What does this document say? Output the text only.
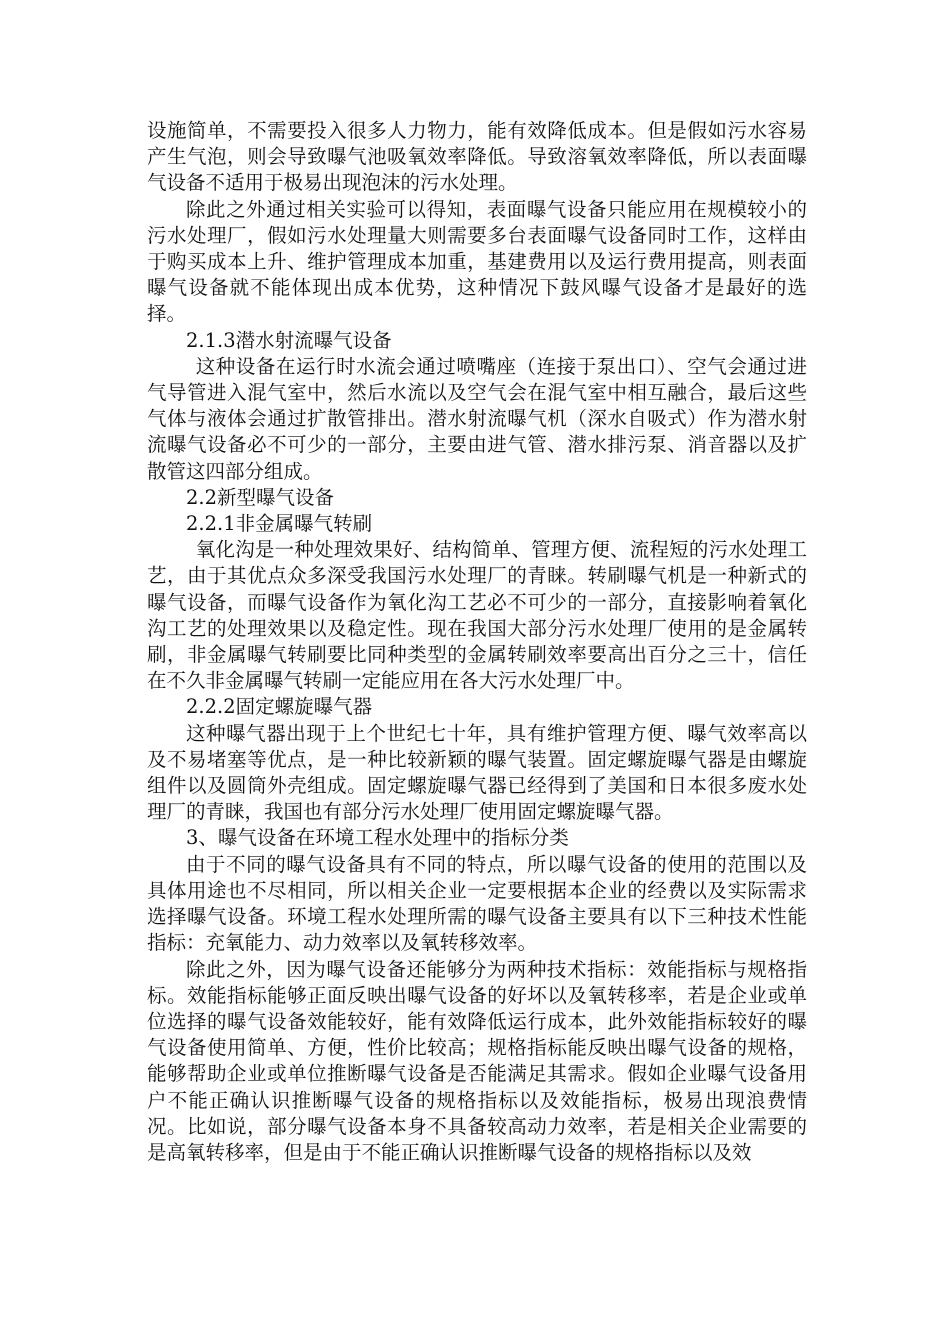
设施简单，不需要投入很多人力物力，能有效降低成本。但是假如污水容易产生气泡，则会导致曝气池吸氧效率降低。导致溶氧效率降低，所以表面曝气设备不适用于极易出现泡沫的污水处理。

除此之外通过相关实验可以得知，表面曝气设备只能应用在规模较小的污水处理厂，假如污水处理量大则需要多台表面曝气设备同时工作，这样由于购买成本上升、维护管理成本加重，基建费用以及运行费用提高，则表面曝气设备就不能体现出成本优势，这种情况下鼓风曝气设备才是最好的选择。

2.1.3潜水射流曝气设备

这种设备在运行时水流会通过喷嘴座（连接于泵出口）、空气会通过进气导管进入混气室中，然后水流以及空气会在混气室中相互融合，最后这些气体与液体会通过扩散管排出。潜水射流曝气机（深水自吸式）作为潜水射流曝气设备必不可少的一部分，主要由进气管、潜水排污泵、消音器以及扩散管这四部分组成。

2.2新型曝气设备

2.2.1非金属曝气转刷

氧化沟是一种处理效果好、结构简单、管理方便、流程短的污水处理工艺，由于其优点众多深受我国污水处理厂的青睐。转刷曝气机是一种新式的曝气设备，而曝气设备作为氧化沟工艺必不可少的一部分，直接影响着氧化沟工艺的处理效果以及稳定性。现在我国大部分污水处理厂使用的是金属转刷，非金属曝气转刷要比同种类型的金属转刷效率要高出百分之三十，信任在不久非金属曝气转刷一定能应用在各大污水处理厂中。

2.2.2固定螺旋曝气器

这种曝气器出现于上个世纪七十年，具有维护管理方便、曝气效率高以及不易堵塞等优点，是一种比较新颖的曝气装置。固定螺旋曝气器是由螺旋组件以及圆筒外壳组成。固定螺旋曝气器已经得到了美国和日本很多废水处理厂的青睐，我国也有部分污水处理厂使用固定螺旋曝气器。

3、曝气设备在环境工程水处理中的指标分类

由于不同的曝气设备具有不同的特点，所以曝气设备的使用的范围以及具体用途也不尽相同，所以相关企业一定要根据本企业的经费以及实际需求选择曝气设备。环境工程水处理所需的曝气设备主要具有以下三种技术性能指标：充氧能力、动力效率以及氧转移效率。

除此之外，因为曝气设备还能够分为两种技术指标：效能指标与规格指标。效能指标能够正面反映出曝气设备的好坏以及氧转移率，若是企业或单位选择的曝气设备效能较好，能有效降低运行成本，此外效能指标较好的曝气设备使用简单、方便，性价比较高；规格指标能反映出曝气设备的规格，能够帮助企业或单位推断曝气设备是否能满足其需求。假如企业曝气设备用户不能正确认识推断曝气设备的规格指标以及效能指标，极易出现浪费情况。比如说，部分曝气设备本身不具备较高动力效率，若是相关企业需要的是高氧转移率，但是由于不能正确认识推断曝气设备的规格指标以及效
